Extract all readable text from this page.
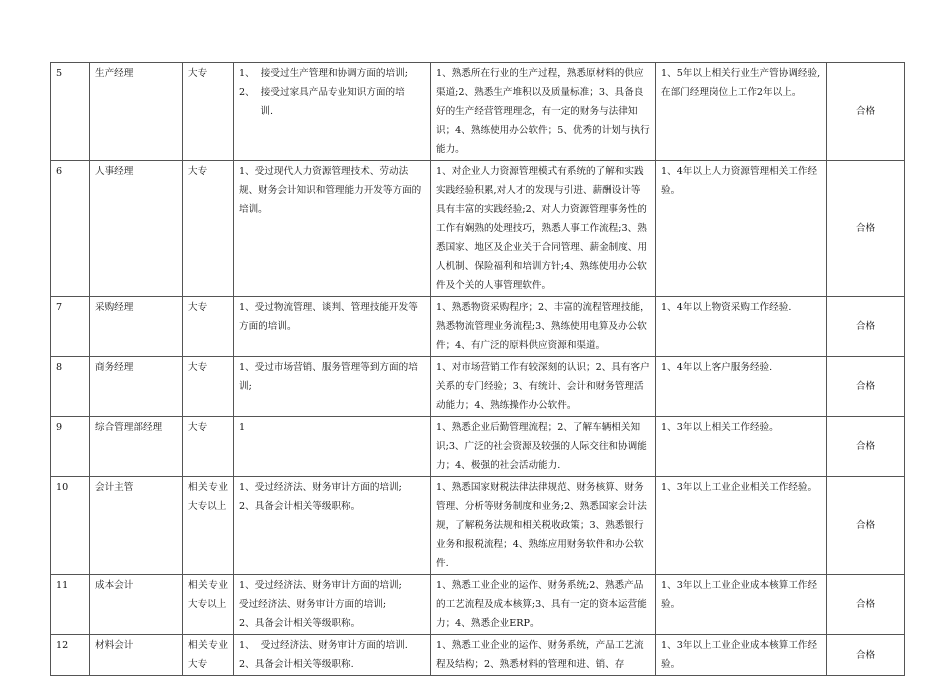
5	生产经理	大专	1、  接受过生产管理和协调方面的培训;
2、  接受过家具产品专业知识方面的培
训.	1、熟悉所在行业的生产过程，熟悉原材料的供应渠道;2、熟悉生产堆积以及质量标准；3、具备良好的生产经营管理理念，有一定的财务与法律知识；4、熟练使用办公软件；5、优秀的计划与执行能力。	1、5年以上相关行业生产管协调经验,在部门经理岗位上工作2年以上。	合格

6	人事经理	大专	1、受过现代人力资源管理技术、劳动法规、财务会计知识和管理能力开发等方面的培训。	1、对企业人力资源管理模式有系统的了解和实践实践经验积累,对人才的发现与引进、薪酬设计等具有丰富的实践经验;2、对人力资源管理事务性的工作有娴熟的处理技巧，熟悉人事工作流程;3、熟悉国家、地区及企业关于合同管理、薪金制度、用人机制、保险福利和培训方针;4、熟练使用办公软件及个关的人事管理软件。	1、4年以上人力资源管理相关工作经验。	合格

7	采购经理	大专	1、受过物流管理、谈判、管理技能开发等方面的培训。	1、熟悉物资采购程序；2、丰富的流程管理技能，熟悉物流管理业务流程;3、熟练使用电算及办公软件；4、有广泛的原料供应资源和渠道。	1、4年以上物资采购工作经验.	合格

8	商务经理	大专	1、受过市场营销、服务管理等到方面的培训;	1、对市场营销工作有较深刻的认识；2、具有客户关系的专门经验；3、有统计、会计和财务管理活动能力；4、熟练操作办公软件。	1、4年以上客户服务经验.	合格

9	综合管理部经理	大专	1	1、熟悉企业后勤管理流程；2、了解车辆相关知识;3、广泛的社会资源及较强的人际交往和协调能力；4、极强的社会活动能力.	1、3年以上相关工作经验。	合格

10	会计主管	相关专业大专以上	1、受过经济法、财务审计方面的培训;
2、具备会计相关等级职称。	1、熟悉国家财税法律法律规范、财务核算、财务管理、分析等财务制度和业务;2、熟悉国家会计法规，了解税务法规和相关税收政策；3、熟悉银行业务和报税流程；4、熟练应用财务软件和办公软件.	1、3年以上工业企业相关工作经验。	合格

11	成本会计	相关专业大专以上	1、受过经济法、财务审计方面的培训;
受过经济法、财务审计方面的培训;
2、具备会计相关等级职称。	1、熟悉工业企业的运作、财务系统;2、熟悉产品的工艺流程及成本核算;3、具有一定的资本运营能力；4、熟悉企业ERP。	1、3年以上工业企业成本核算工作经验。	合格

12	材料会计	相关专业大专	1、  受过经济法、财务审计方面的培训.
2、具备会计相关等级职称.	1、熟悉工业企业的运作、财务系统，产品工艺流程及结构；2、熟悉材料的管理和进、销、存	1、3年以上工业企业成本核算工作经验。	合格
